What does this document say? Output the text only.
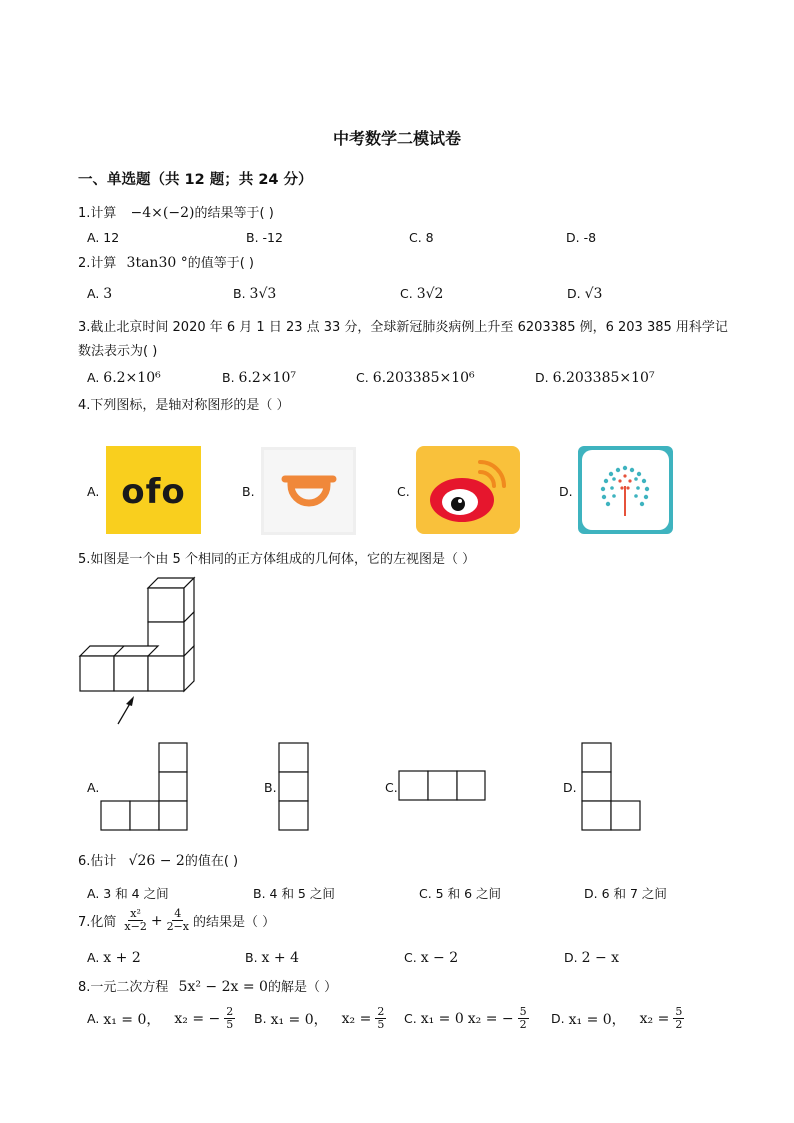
中考数学二模试卷
一、单选题（共 12 题；共 24 分）
1.计算 −4×(−2)的结果等于( )
A. 12	B. -12	C. 8	D. -8
2.计算 3tan30 °的值等于( )
A. 3	B. 3√3	C. 3√2	D. √3
3.截止北京时间 2020 年 6 月 1 日 23 点 33 分，全球新冠肺炎病例上升至 6203385 例，6 203 385 用科学记数法表示为( )
A. 6.2×10⁶	B. 6.2×10⁷	C. 6.203385×10⁶	D. 6.203385×10⁷
4.下列图标，是轴对称图形的是（ ）
A. ofo	B.	C.	D.
5.如图是一个由 5 个相同的正方体组成的几何体，它的左视图是（ ）
A.	B.	C.	D.
6.估计 √26 − 2的值在( )
A. 3 和 4 之间	B. 4 和 5 之间	C. 5 和 6 之间	D. 6 和 7 之间
7.化简 $\frac{\text{x²}}{x-2} + \frac{4}{2-x}$ 的结果是（ ）
A. x + 2	B. x + 4	C. x − 2	D. 2 − x
8.一元二次方程 5x² − 2x = 0的解是（ ）
A. x₁ = 0， x₂ = − $\frac{2}{5} B$. x₁ = 0， $x_2 = \frac{2}{5} C$. x₁ = 0 x₂ = − $\frac{5}{2} D$. x₁ = 0， $x_2 = \frac{5}{2}$
